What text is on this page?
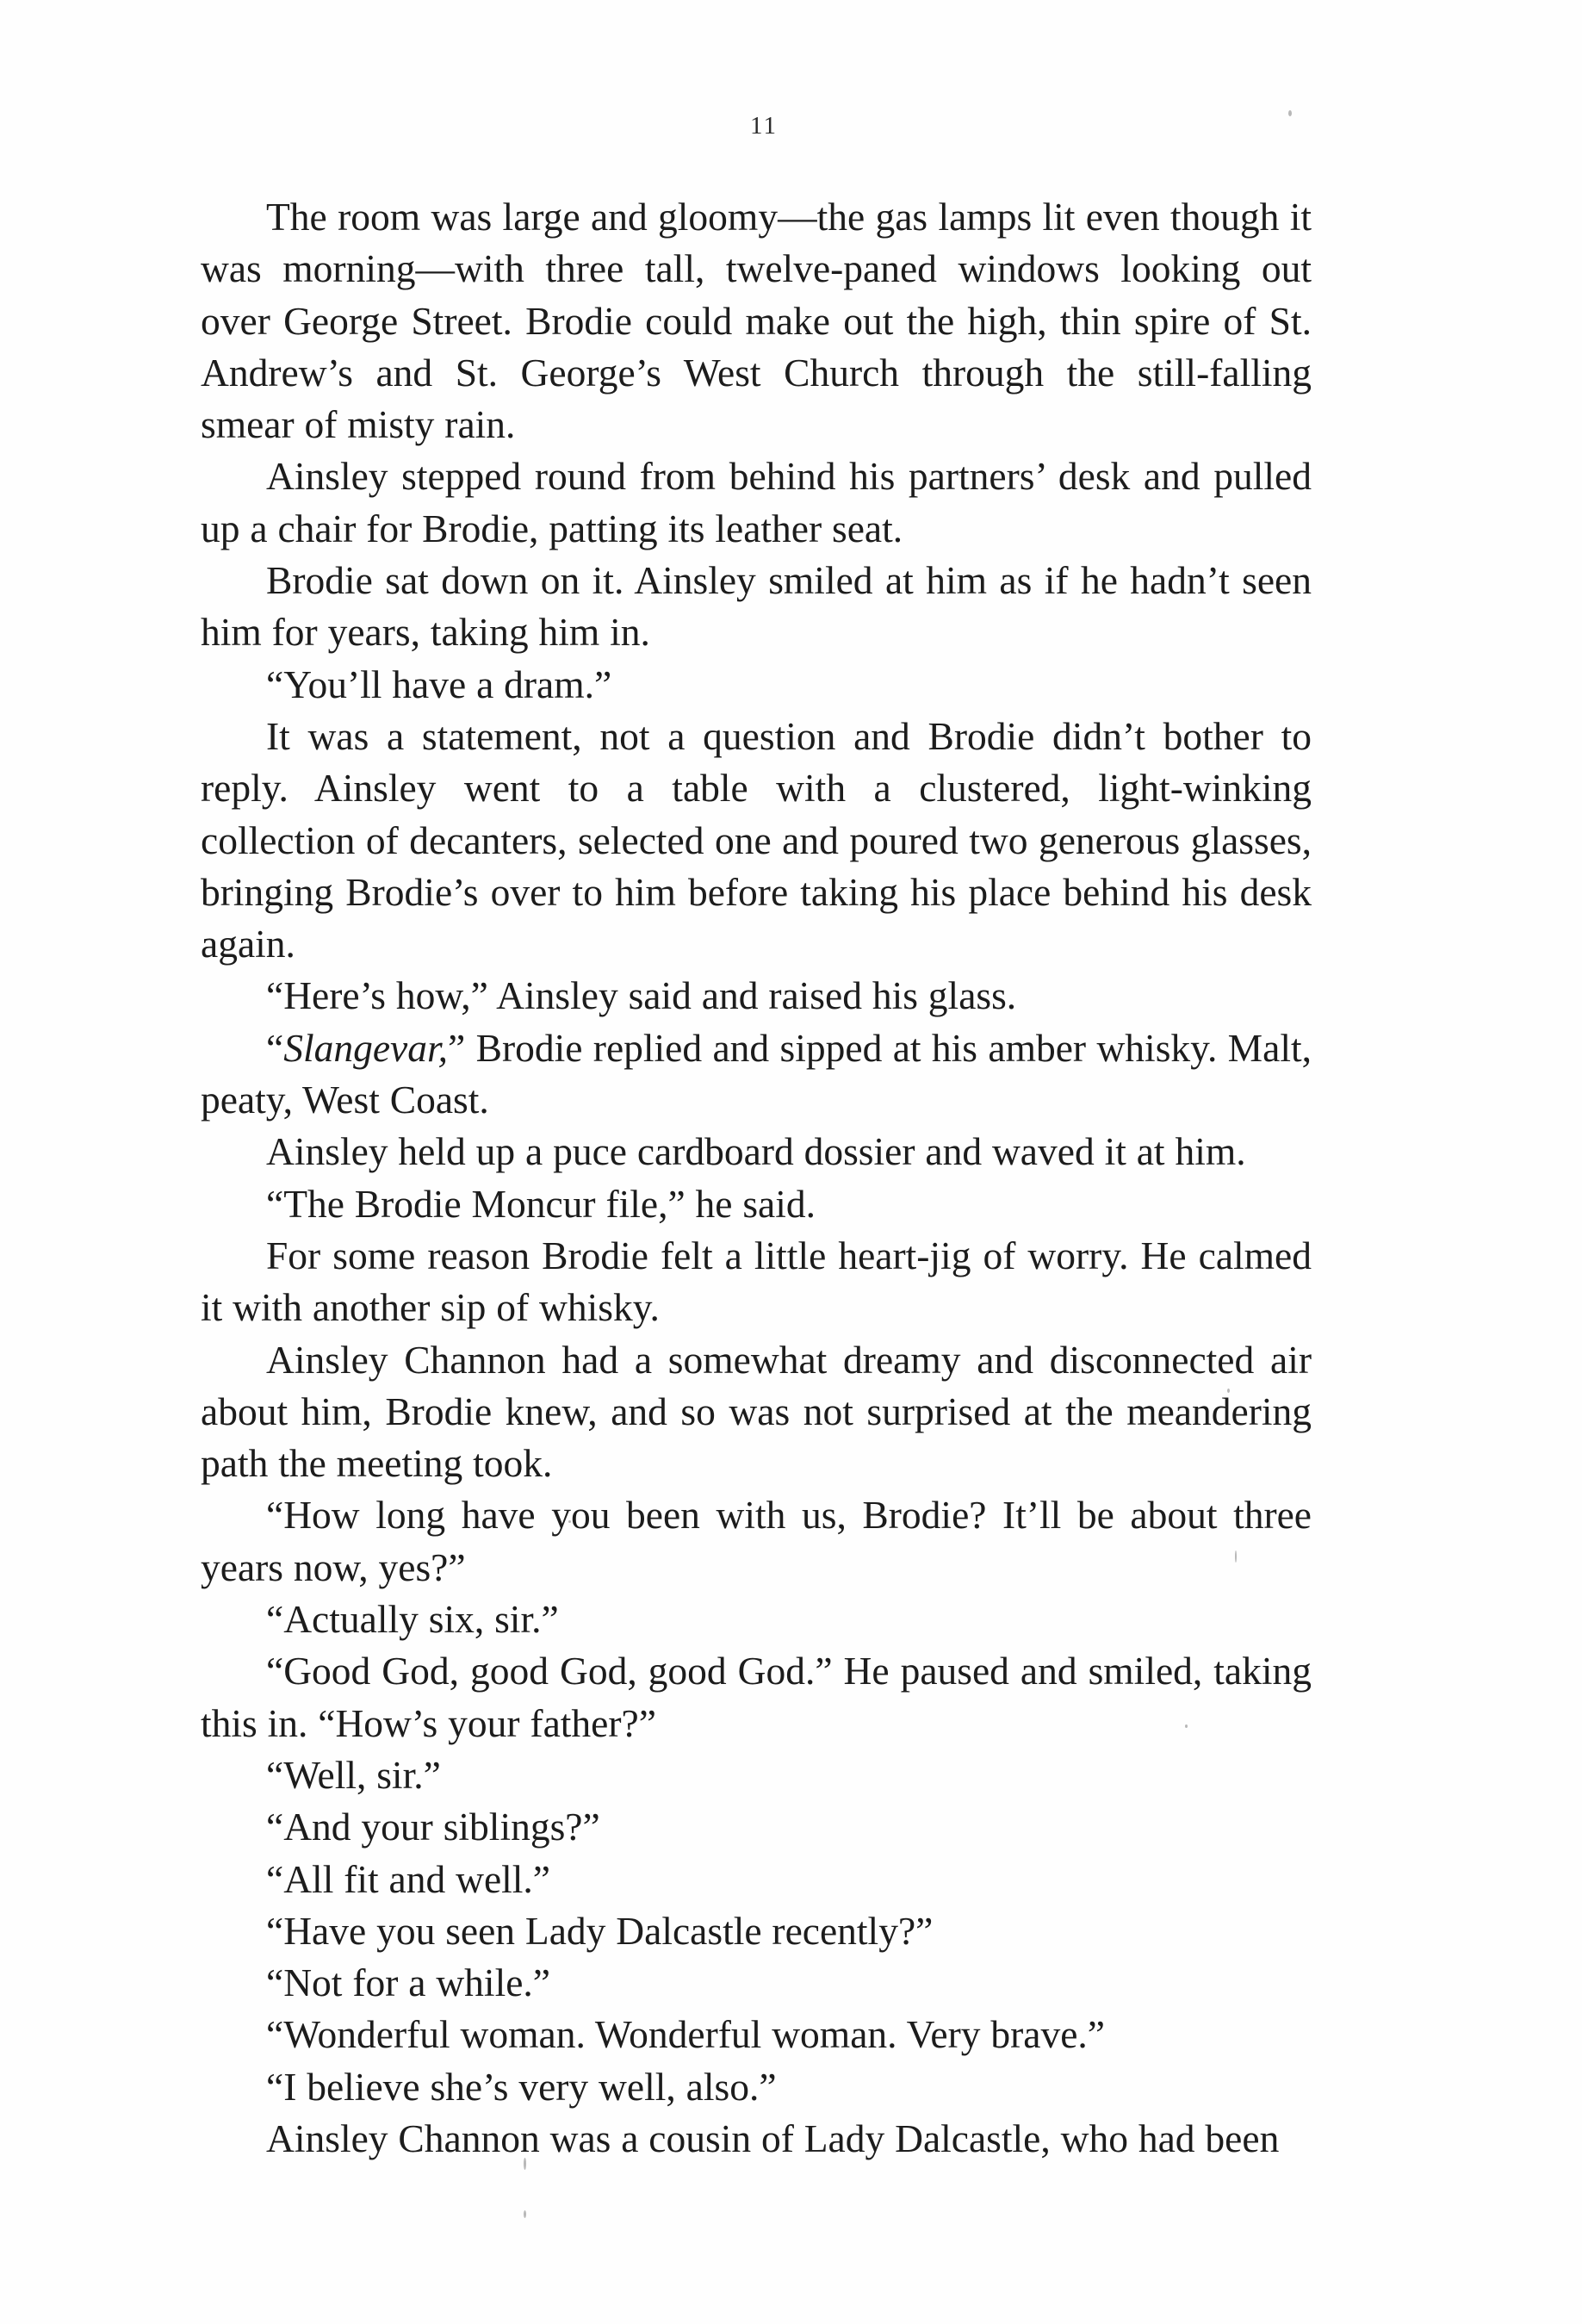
11

The room was large and gloomy—the gas lamps lit even though it was morning—with three tall, twelve-paned windows looking out over George Street. Brodie could make out the high, thin spire of St. Andrew’s and St. George’s West Church through the still-falling smear of misty rain.

Ainsley stepped round from behind his partners’ desk and pulled up a chair for Brodie, patting its leather seat.

Brodie sat down on it. Ainsley smiled at him as if he hadn’t seen him for years, taking him in.

“You’ll have a dram.”

It was a statement, not a question and Brodie didn’t bother to reply. Ainsley went to a table with a clustered, light-winking collection of decanters, selected one and poured two generous glasses, bringing Brodie’s over to him before taking his place behind his desk again.

“Here’s how,” Ainsley said and raised his glass.

“Slangevar,” Brodie replied and sipped at his amber whisky. Malt, peaty, West Coast.

Ainsley held up a puce cardboard dossier and waved it at him.

“The Brodie Moncur file,” he said.

For some reason Brodie felt a little heart-jig of worry. He calmed it with another sip of whisky.

Ainsley Channon had a somewhat dreamy and disconnected air about him, Brodie knew, and so was not surprised at the meandering path the meeting took.

“How long have you been with us, Brodie? It’ll be about three years now, yes?”

“Actually six, sir.”

“Good God, good God, good God.” He paused and smiled, taking this in. “How’s your father?”

“Well, sir.”

“And your siblings?”

“All fit and well.”

“Have you seen Lady Dalcastle recently?”

“Not for a while.”

“Wonderful woman. Wonderful woman. Very brave.”

“I believe she’s very well, also.”

Ainsley Channon was a cousin of Lady Dalcastle, who had been
